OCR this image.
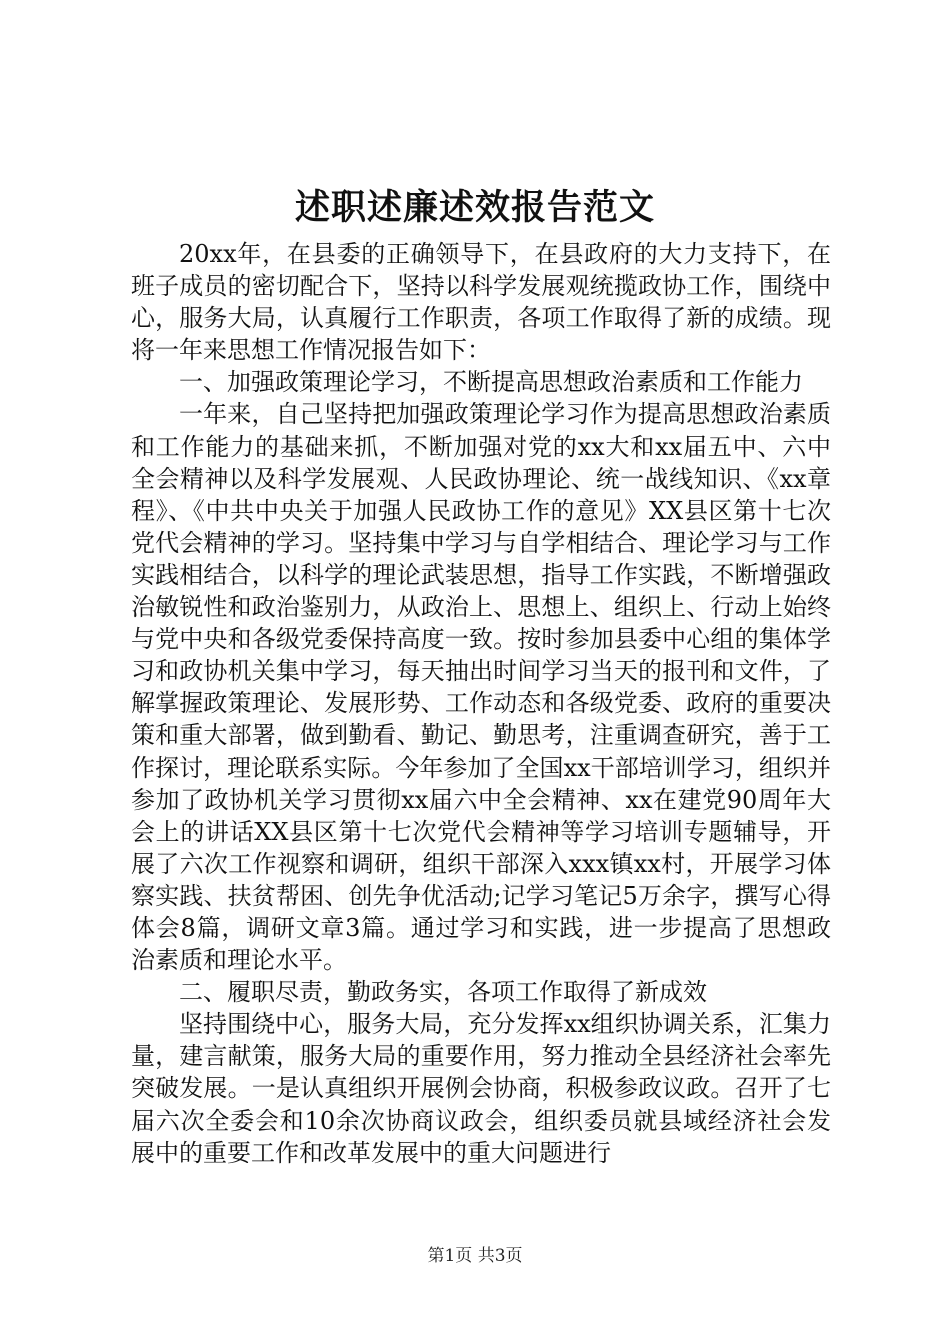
述职述廉述效报告范文

20xx年，在县委的正确领导下，在县政府的大力支持下，在班子成员的密切配合下，坚持以科学发展观统揽政协工作，围绕中心，服务大局，认真履行工作职责，各项工作取得了新的成绩。现将一年来思想工作情况报告如下：

一、加强政策理论学习，不断提高思想政治素质和工作能力

一年来，自己坚持把加强政策理论学习作为提高思想政治素质和工作能力的基础来抓，不断加强对党的xx大和xx届五中、六中全会精神以及科学发展观、人民政协理论、统一战线知识、《xx章程》、《中共中央关于加强人民政协工作的意见》XX县区第十七次党代会精神的学习。坚持集中学习与自学相结合、理论学习与工作实践相结合，以科学的理论武装思想，指导工作实践，不断增强政治敏锐性和政治鉴别力，从政治上、思想上、组织上、行动上始终与党中央和各级党委保持高度一致。按时参加县委中心组的集体学习和政协机关集中学习，每天抽出时间学习当天的报刊和文件，了解掌握政策理论、发展形势、工作动态和各级党委、政府的重要决策和重大部署，做到勤看、勤记、勤思考，注重调查研究，善于工作探讨，理论联系实际。今年参加了全国xx干部培训学习，组织并参加了政协机关学习贯彻xx届六中全会精神、xx在建党90周年大会上的讲话XX县区第十七次党代会精神等学习培训专题辅导，开展了六次工作视察和调研，组织干部深入xxx镇xx村，开展学习体察实践、扶贫帮困、创先争优活动;记学习笔记5万余字，撰写心得体会8篇，调研文章3篇。通过学习和实践，进一步提高了思想政治素质和理论水平。

二、履职尽责，勤政务实，各项工作取得了新成效

坚持围绕中心，服务大局，充分发挥xx组织协调关系，汇集力量，建言献策，服务大局的重要作用，努力推动全县经济社会率先突破发展。一是认真组织开展例会协商，积极参政议政。召开了七届六次全委会和10余次协商议政会，组织委员就县域经济社会发展中的重要工作和改革发展中的重大问题进行

第1页 共3页
